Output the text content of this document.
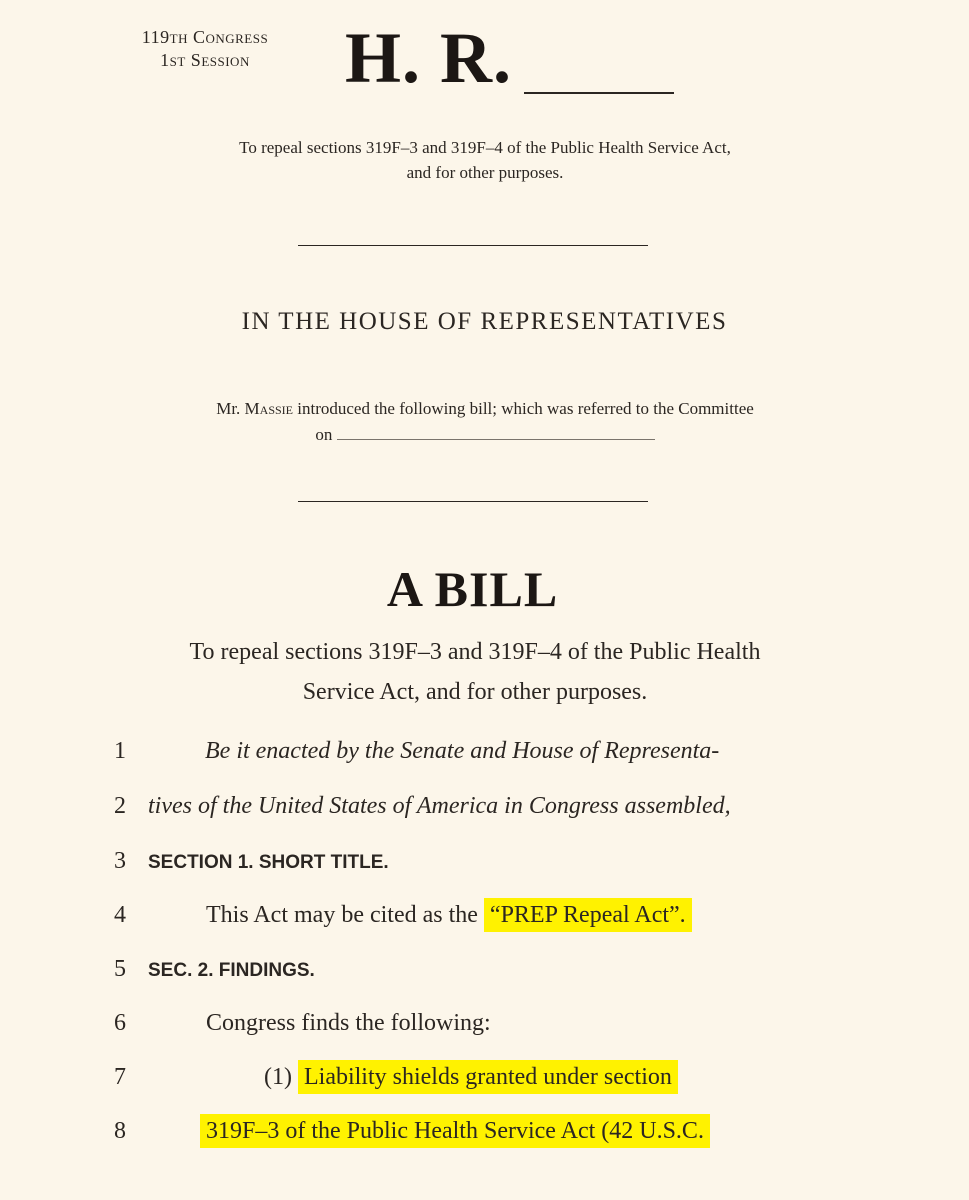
119th Congress
1st Session	H. R.
To repeal sections 319F–3 and 319F–4 of the Public Health Service Act,
and for other purposes.
IN THE HOUSE OF REPRESENTATIVES
Mr. Massie introduced the following bill; which was referred to the Committee
on
A BILL
To repeal sections 319F–3 and 319F–4 of the Public Health
Service Act, and for other purposes.
1	Be it enacted by the Senate and House of Representa-
2 tives of the United States of America in Congress assembled,
3	SECTION 1. SHORT TITLE.
4	This Act may be cited as the “PREP Repeal Act”.
5	SEC. 2. FINDINGS.
6	Congress finds the following:
7	(1) Liability shields granted under section
8	319F–3 of the Public Health Service Act (42 U.S.C.
